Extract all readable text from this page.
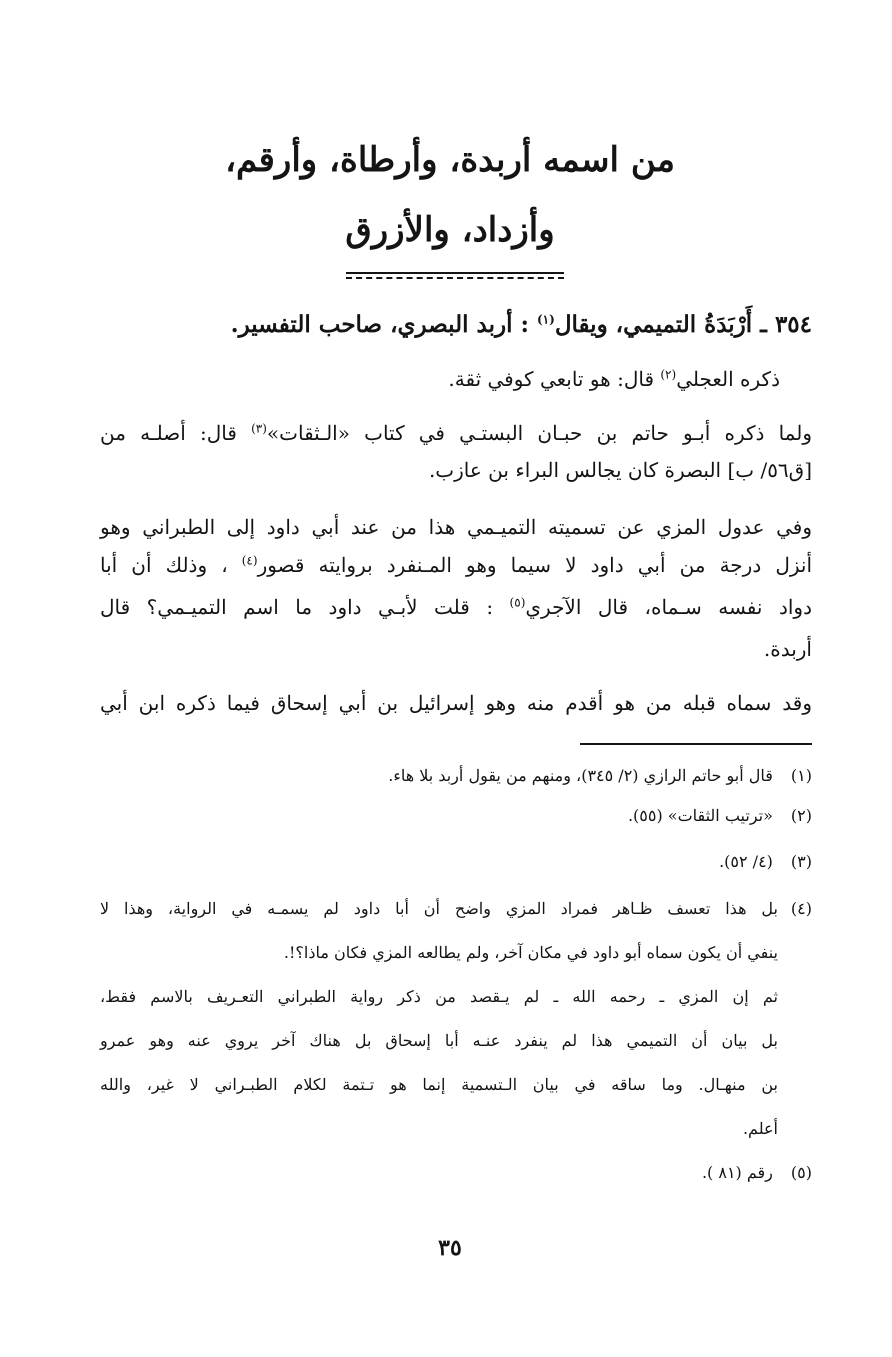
من اسمه أربدة، وأرطاة، وأرقم،
وأزداد، والأزرق
٣٥٤ ـ أَرْبَدَةُ التميمي، ويقال$^{(١)}$ : أربد البصري، صاحب التفسير.
ذكره العجلي$^{(٢)}$ قال: هو تابعي كوفي ثقة.
ولما ذكره أبـو حاتم بن حبـان البستـي في كتاب «الـثقات»$^{(٣)}$ قال: أصلـه من
[ق٥٦/ ب] البصرة كان يجالس البراء بن عازب.
وفي عدول المزي عن تسميته التميـمي هذا من عند أبي داود إلى الطبراني وهو
أنزل درجة من أبي داود لا سيما وهو المـنفرد بروايته قصور$^{(٤)}$ ، وذلك أن أبا
دواد نفسه سـماه، قال الآجري$^{(٥)}$ : قلت لأبـي داود ما اسم التميـمي؟ قال
أربدة.
وقد سماه قبله من هو أقدم منه وهو إسرائيل بن أبي إسحاق فيما ذكره ابن أبي
(١) قال أبو حاتم الرازي (٢/ ٣٤٥)، ومنهم من يقول أربد بلا هاء.
(٢) «ترتيب الثقات» (٥٥).
(٣) (٤/ ٥٢).
(٤)
بل هذا تعسف ظـاهر فمراد المزي واضح أن أبا داود لم يسمـه في الرواية، وهذا لا
ينفي أن يكون سماه أبو داود في مكان آخر، ولم يطالعه المزي فكان ماذا؟!.
ثم إن المزي ـ رحمه الله ـ لم يـقصد من ذكر رواية الطبراني التعـريف بالاسم فقط،
بل بيان أن التميمي هذا لم ينفرد عنـه أبا إسحاق بل هناك آخر يروي عنه وهو عمرو
بن منهـال. وما ساقه في بيان الـتسمية إنما هو تـتمة لكلام الطبـراني لا غير، والله
أعلم.
(٥) رقم (٨١ ).
٣٥
